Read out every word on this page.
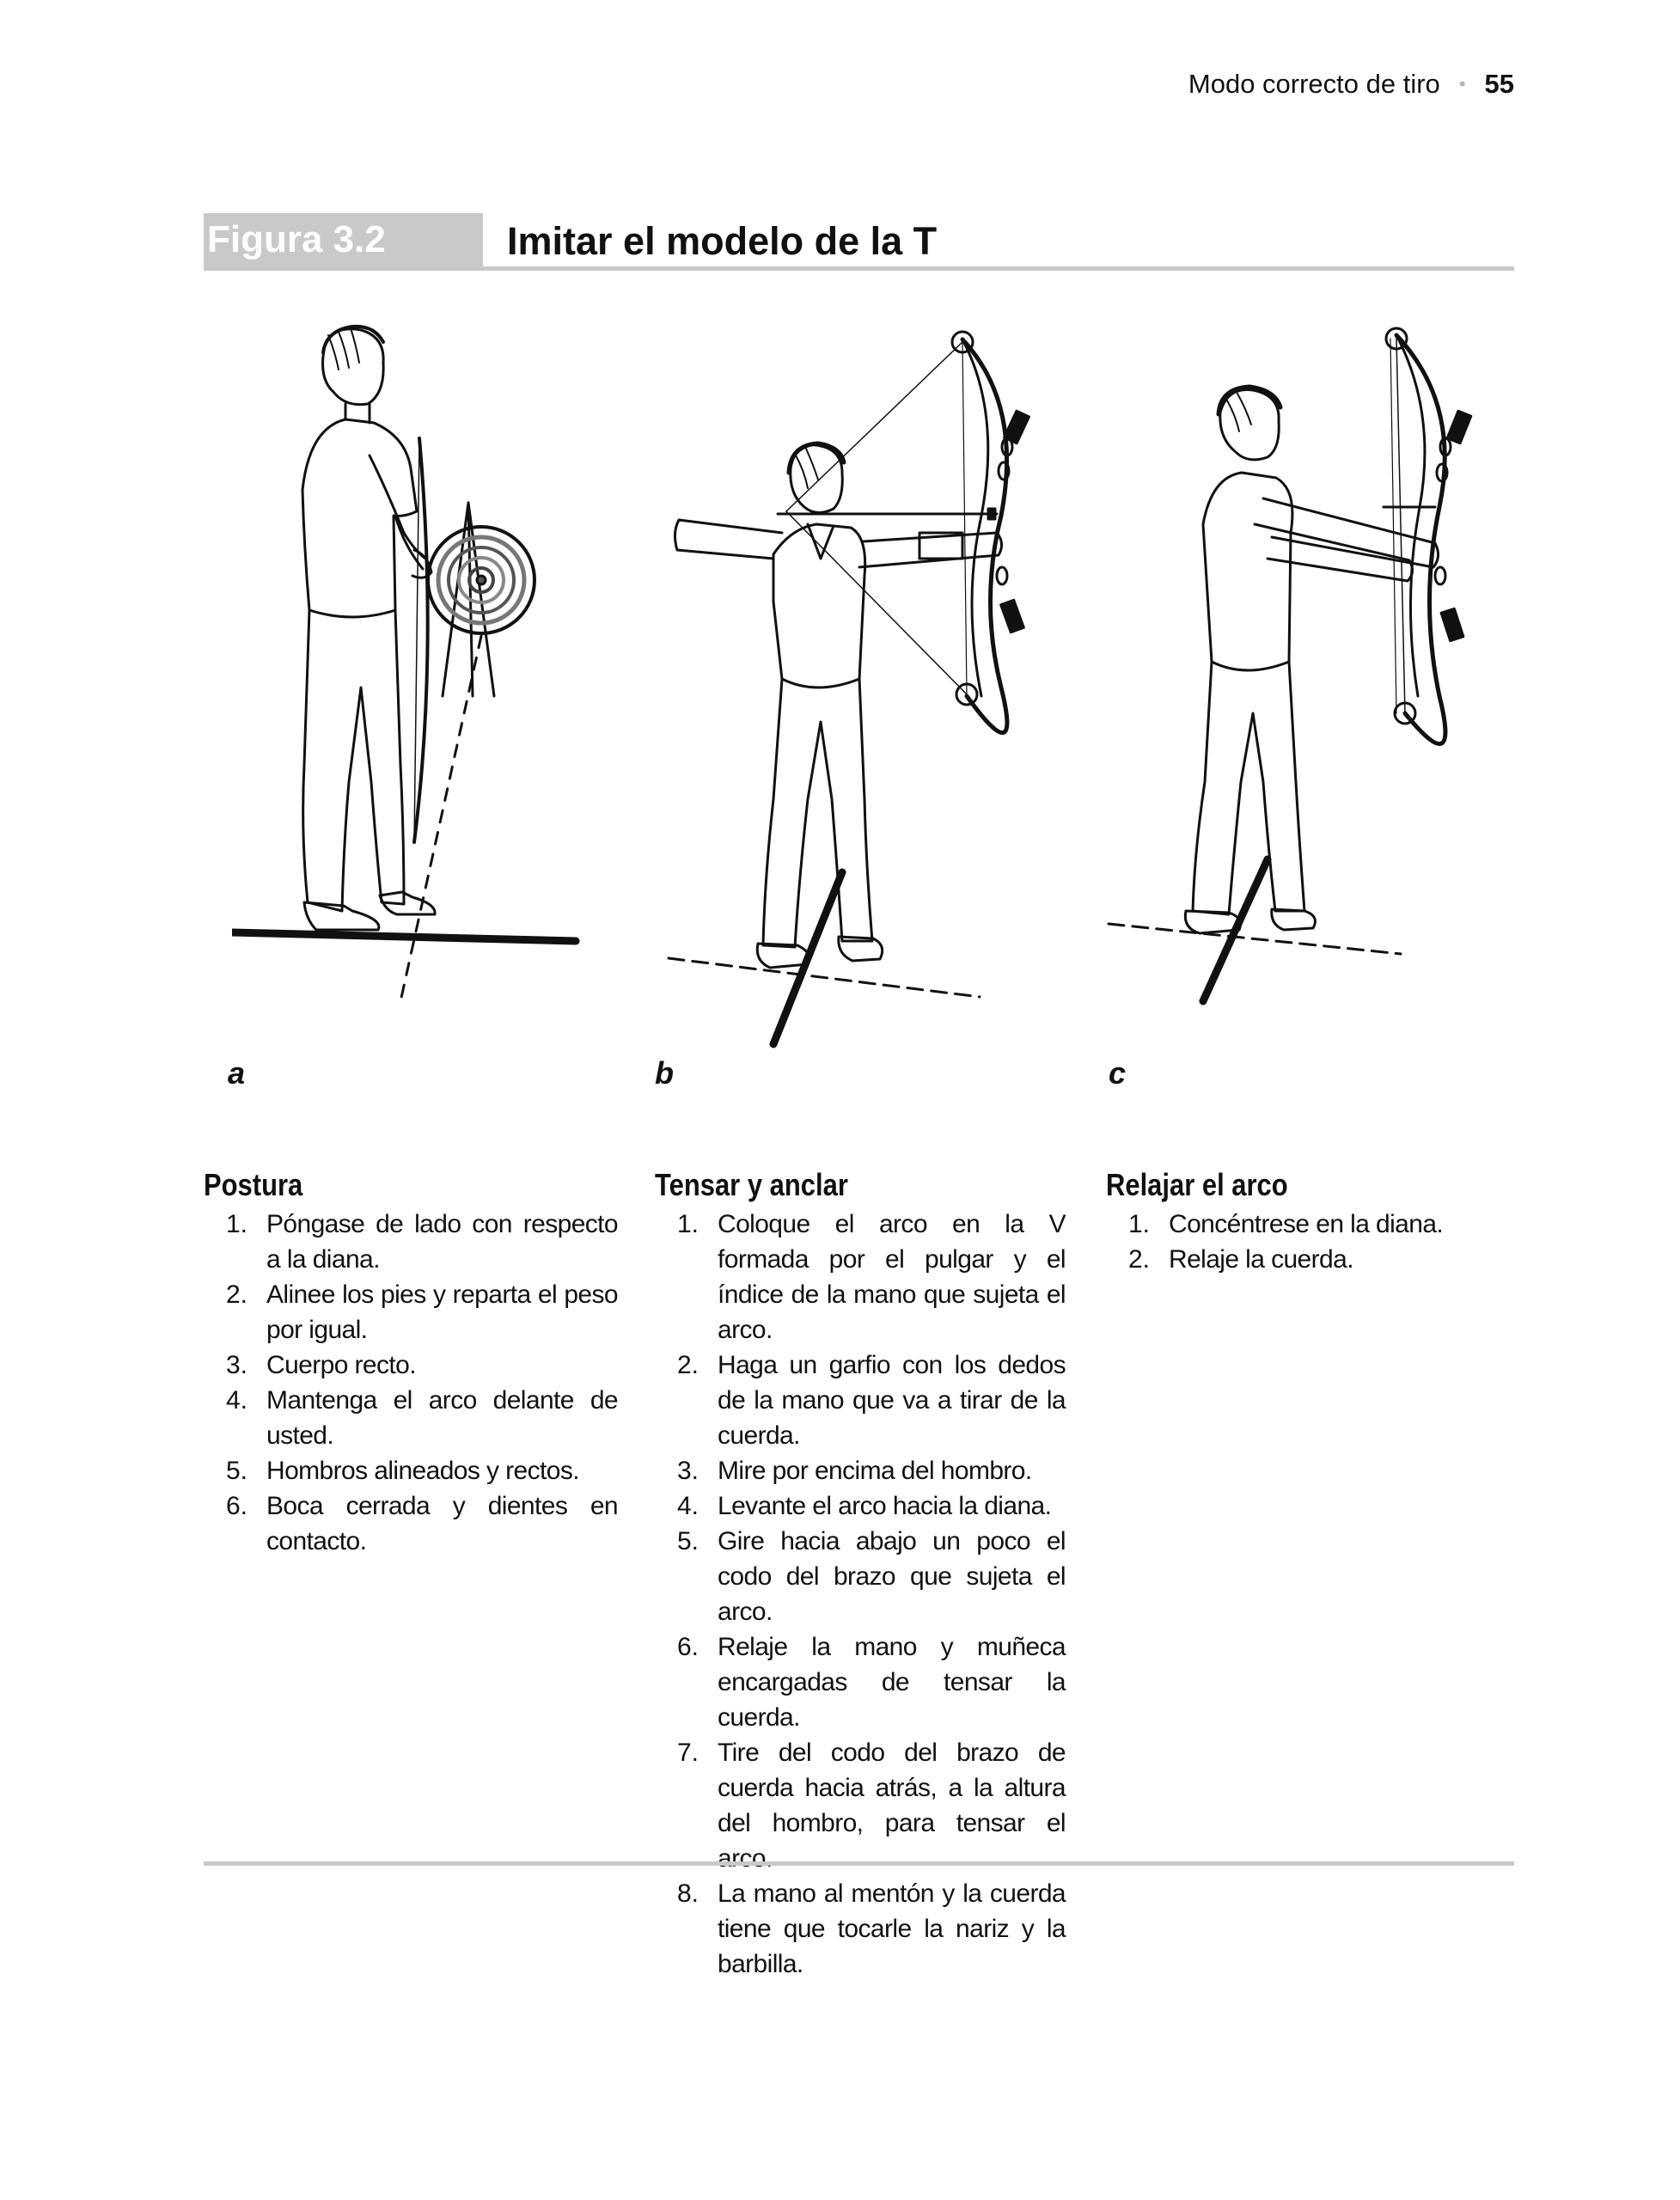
Modo correcto de tiro • 55
Figura 3.2	Imitar el modelo de la T
a	b	c
Postura
1. Póngase de lado con respecto a la diana.
2. Alinee los pies y reparta el peso por igual.
3. Cuerpo recto.
4. Mantenga el arco delante de usted.
5. Hombros alineados y rectos.
6. Boca cerrada y dientes en contacto.
Tensar y anclar
1. Coloque el arco en la V formada por el pulgar y el índice de la mano que sujeta el arco.
2. Haga un garfio con los dedos de la mano que va a tirar de la cuerda.
3. Mire por encima del hombro.
4. Levante el arco hacia la diana.
5. Gire hacia abajo un poco el codo del brazo que sujeta el arco.
6. Relaje la mano y muñeca encargadas de tensar la cuerda.
7. Tire del codo del brazo de cuerda hacia atrás, a la altura del hombro, para tensar el arco.
8. La mano al mentón y la cuerda tiene que tocarle la nariz y la barbilla.
Relajar el arco
1. Concéntrese en la diana.
2. Relaje la cuerda.
